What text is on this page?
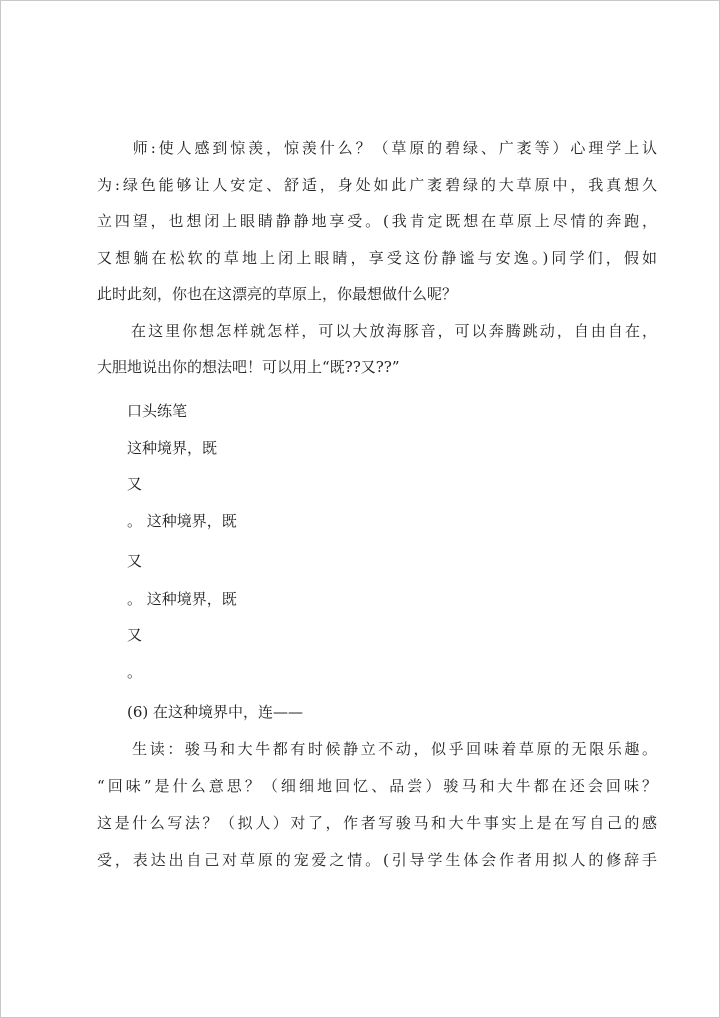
　　师:使人感到惊羡，惊羡什么？（草原的碧绿、广袤等）心理学上认
为:绿色能够让人安定、舒适，身处如此广袤碧绿的大草原中，我真想久
立四望，也想闭上眼睛静静地享受。(我肯定既想在草原上尽情的奔跑，
又想躺在松软的草地上闭上眼睛，享受这份静谧与安逸。)同学们，假如
此时此刻，你也在这漂亮的草原上，你最想做什么呢？
　　在这里你想怎样就怎样，可以大放海豚音，可以奔腾跳动，自由自在，
大胆地说出你的想法吧！可以用上“既??又??”
　　口头练笔
　　这种境界，既
　　又
　　。 这种境界，既
　　又
　　。 这种境界，既
　　又
　　。
　　(6) 在这种境界中，连——
　　生读：骏马和大牛都有时候静立不动，似乎回味着草原的无限乐趣。
“回味”是什么意思？（细细地回忆、品尝）骏马和大牛都在还会回味？
这是什么写法？（拟人）对了，作者写骏马和大牛事实上是在写自己的感
受，表达出自己对草原的宠爱之情。(引导学生体会作者用拟人的修辞手
